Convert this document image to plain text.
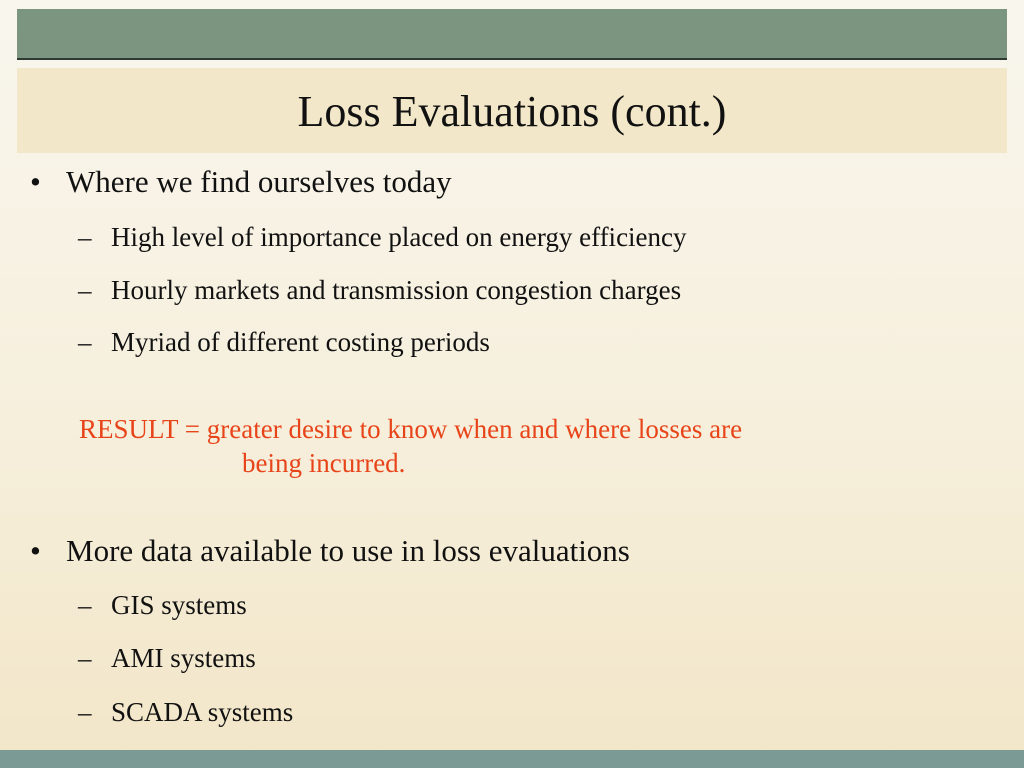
Loss Evaluations (cont.)
• Where we find ourselves today
– High level of importance placed on energy efficiency
– Hourly markets and transmission congestion charges
– Myriad of different costing periods
RESULT = greater desire to know when and where losses are
being incurred.
• More data available to use in loss evaluations
– GIS systems
– AMI systems
– SCADA systems
